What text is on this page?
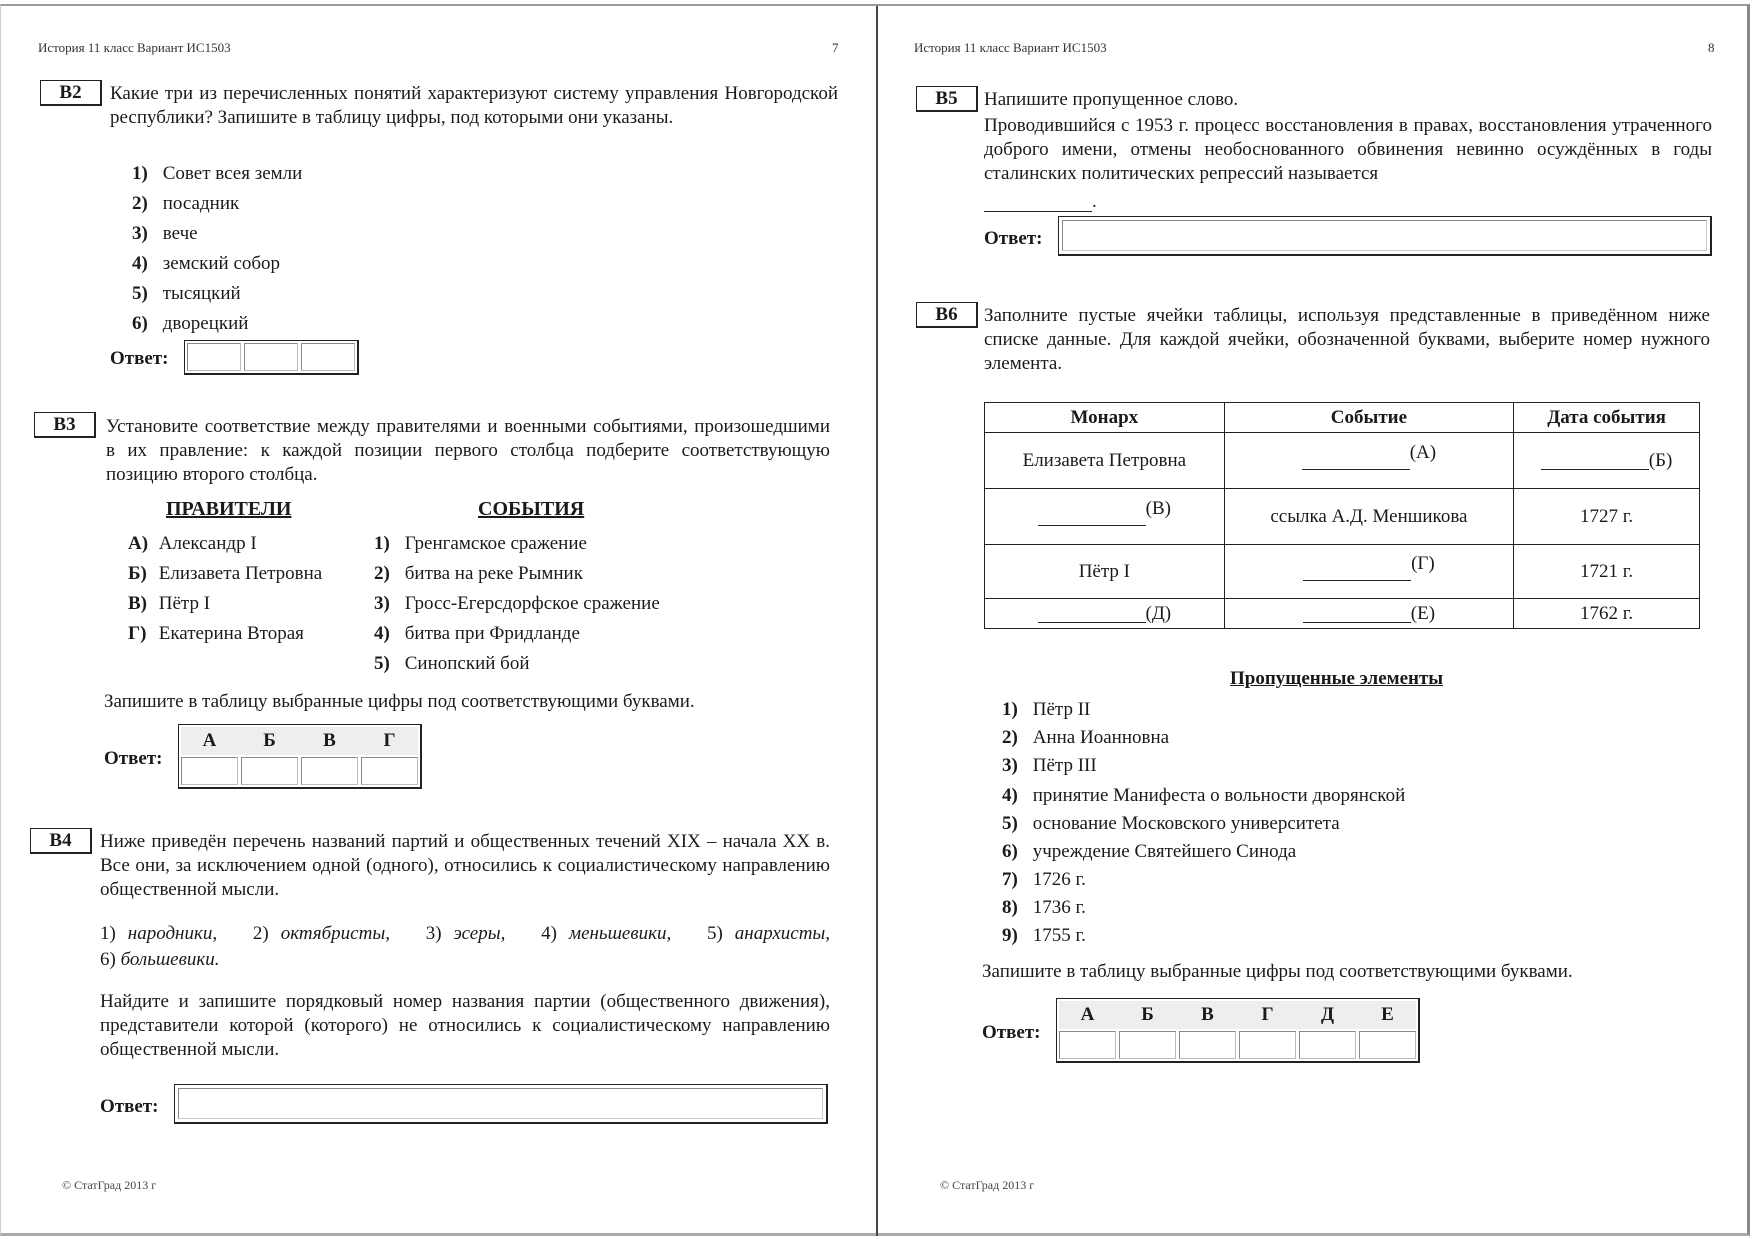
История 11 класс Вариант ИС1503	7
В2	Какие три из перечисленных понятий характеризуют систему управления Новгородской республики? Запишите в таблицу цифры, под которыми они указаны.
1) Совет всея земли
2) посадник
3) вече
4) земский собор
5) тысяцкий
6) дворецкий
Ответ:
В3	Установите соответствие между правителями и военными событиями, произошедшими в их правление: к каждой позиции первого столбца подберите соответствующую позицию второго столбца.
ПРАВИТЕЛИ	СОБЫТИЯ
А) Александр I
Б) Елизавета Петровна
В) Пётр I
Г) Екатерина Вторая
1) Гренгамское сражение
2) битва на реке Рымник
3) Гросс-Егерсдорфское сражение
4) битва при Фридланде
5) Синопский бой
Запишите в таблицу выбранные цифры под соответствующими буквами.
Ответ:
А	Б	В	Г
В4	Ниже приведён перечень названий партий и общественных течений XIX – начала XX в. Все они, за исключением одной (одного), относились к социалистическому направлению общественной мысли.
1) народники, 2) октябристы, 3) эсеры, 4) меньшевики, 5) анархисты,
6) большевики.
Найдите и запишите порядковый номер названия партии (общественного движения), представители которой (которого) не относились к социалистическому направлению общественной мысли.
Ответ:
© СтатГрад 2013 г
История 11 класс Вариант ИС1503	8
В5	Напишите пропущенное слово.
Проводившийся с 1953 г. процесс восстановления в правах, восстановления утраченного доброго имени, отмены необоснованного обвинения невинно осуждённых в годы сталинских политических репрессий называется
.
Ответ:
В6	Заполните пустые ячейки таблицы, используя представленные в приведённом ниже списке данные. Для каждой ячейки, обозначенной буквами, выберите номер нужного элемента.
Монарх	Событие	Дата события
Елизавета Петровна	(А)	(Б)
(В)	ссылка А.Д. Меншикова	1727 г.
Пётр I	(Г)	1721 г.
(Д)	(Е)	1762 г.
Пропущенные элементы
1) Пётр II
2) Анна Иоанновна
3) Пётр III
4) принятие Манифеста о вольности дворянской
5) основание Московского университета
6) учреждение Святейшего Синода
7) 1726 г.
8) 1736 г.
9) 1755 г.
Запишите в таблицу выбранные цифры под соответствующими буквами.
Ответ:
А	Б	В	Г	Д	Е
© СтатГрад 2013 г
